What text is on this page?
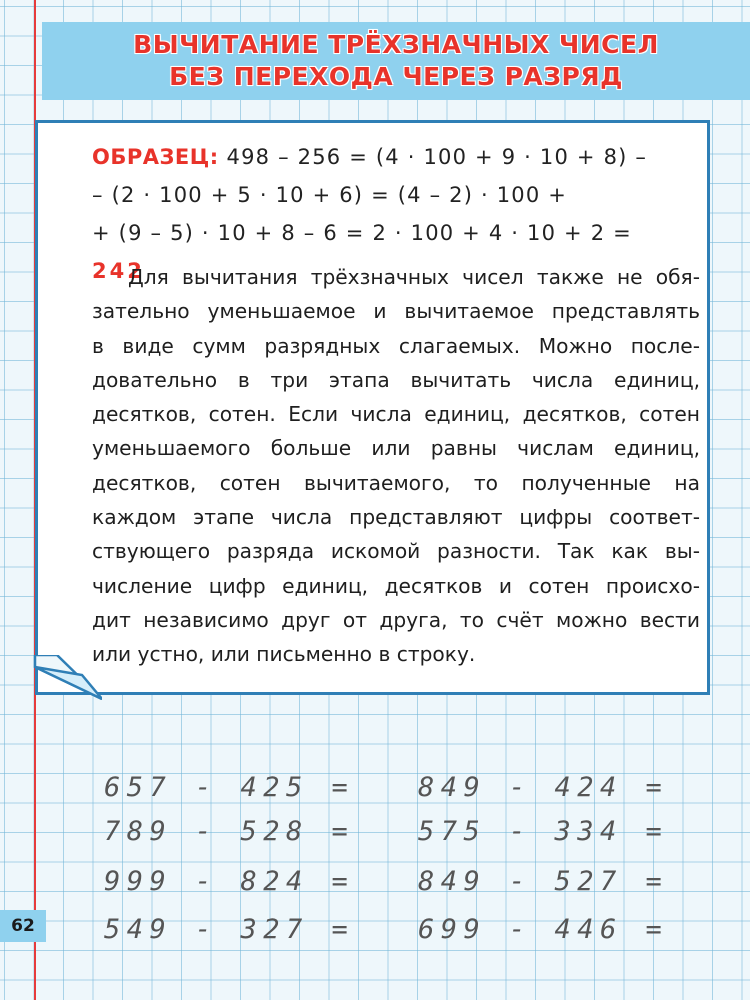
ВЫЧИТАНИЕ ТРЁХЗНАЧНЫХ ЧИСЕЛ
БЕЗ ПЕРЕХОДА ЧЕРЕЗ РАЗРЯД
ОБРАЗЕЦ: 498 – 256 = (4 · 100 + 9 · 10 + 8) –
– (2 · 100 + 5 · 10 + 6) = (4 – 2) · 100 +
+ (9 – 5) · 10 + 8 – 6 = 2 · 100 + 4 · 10 + 2 = 242
Для вычитания трёхзначных чисел также не обя-
зательно уменьшаемое и вычитаемое представлять
в виде сумм разрядных слагаемых. Можно после-
довательно в три этапа вычитать числа единиц,
десятков, сотен. Если числа единиц, десятков, сотен
уменьшаемого больше или равны числам единиц,
десятков, сотен вычитаемого, то полученные на
каждом этапе числа представляют цифры соответ-
ствующего разряда искомой разности. Так как вы-
числение цифр единиц, десятков и сотен происхо-
дит независимо друг от друга, то счёт можно вести
или устно, или письменно в строку.
657 - 425 =
789 - 528 =
999 - 824 =
549 - 327 =
849 - 424 =
575 - 334 =
849 - 527 =
699 - 446 =
62
